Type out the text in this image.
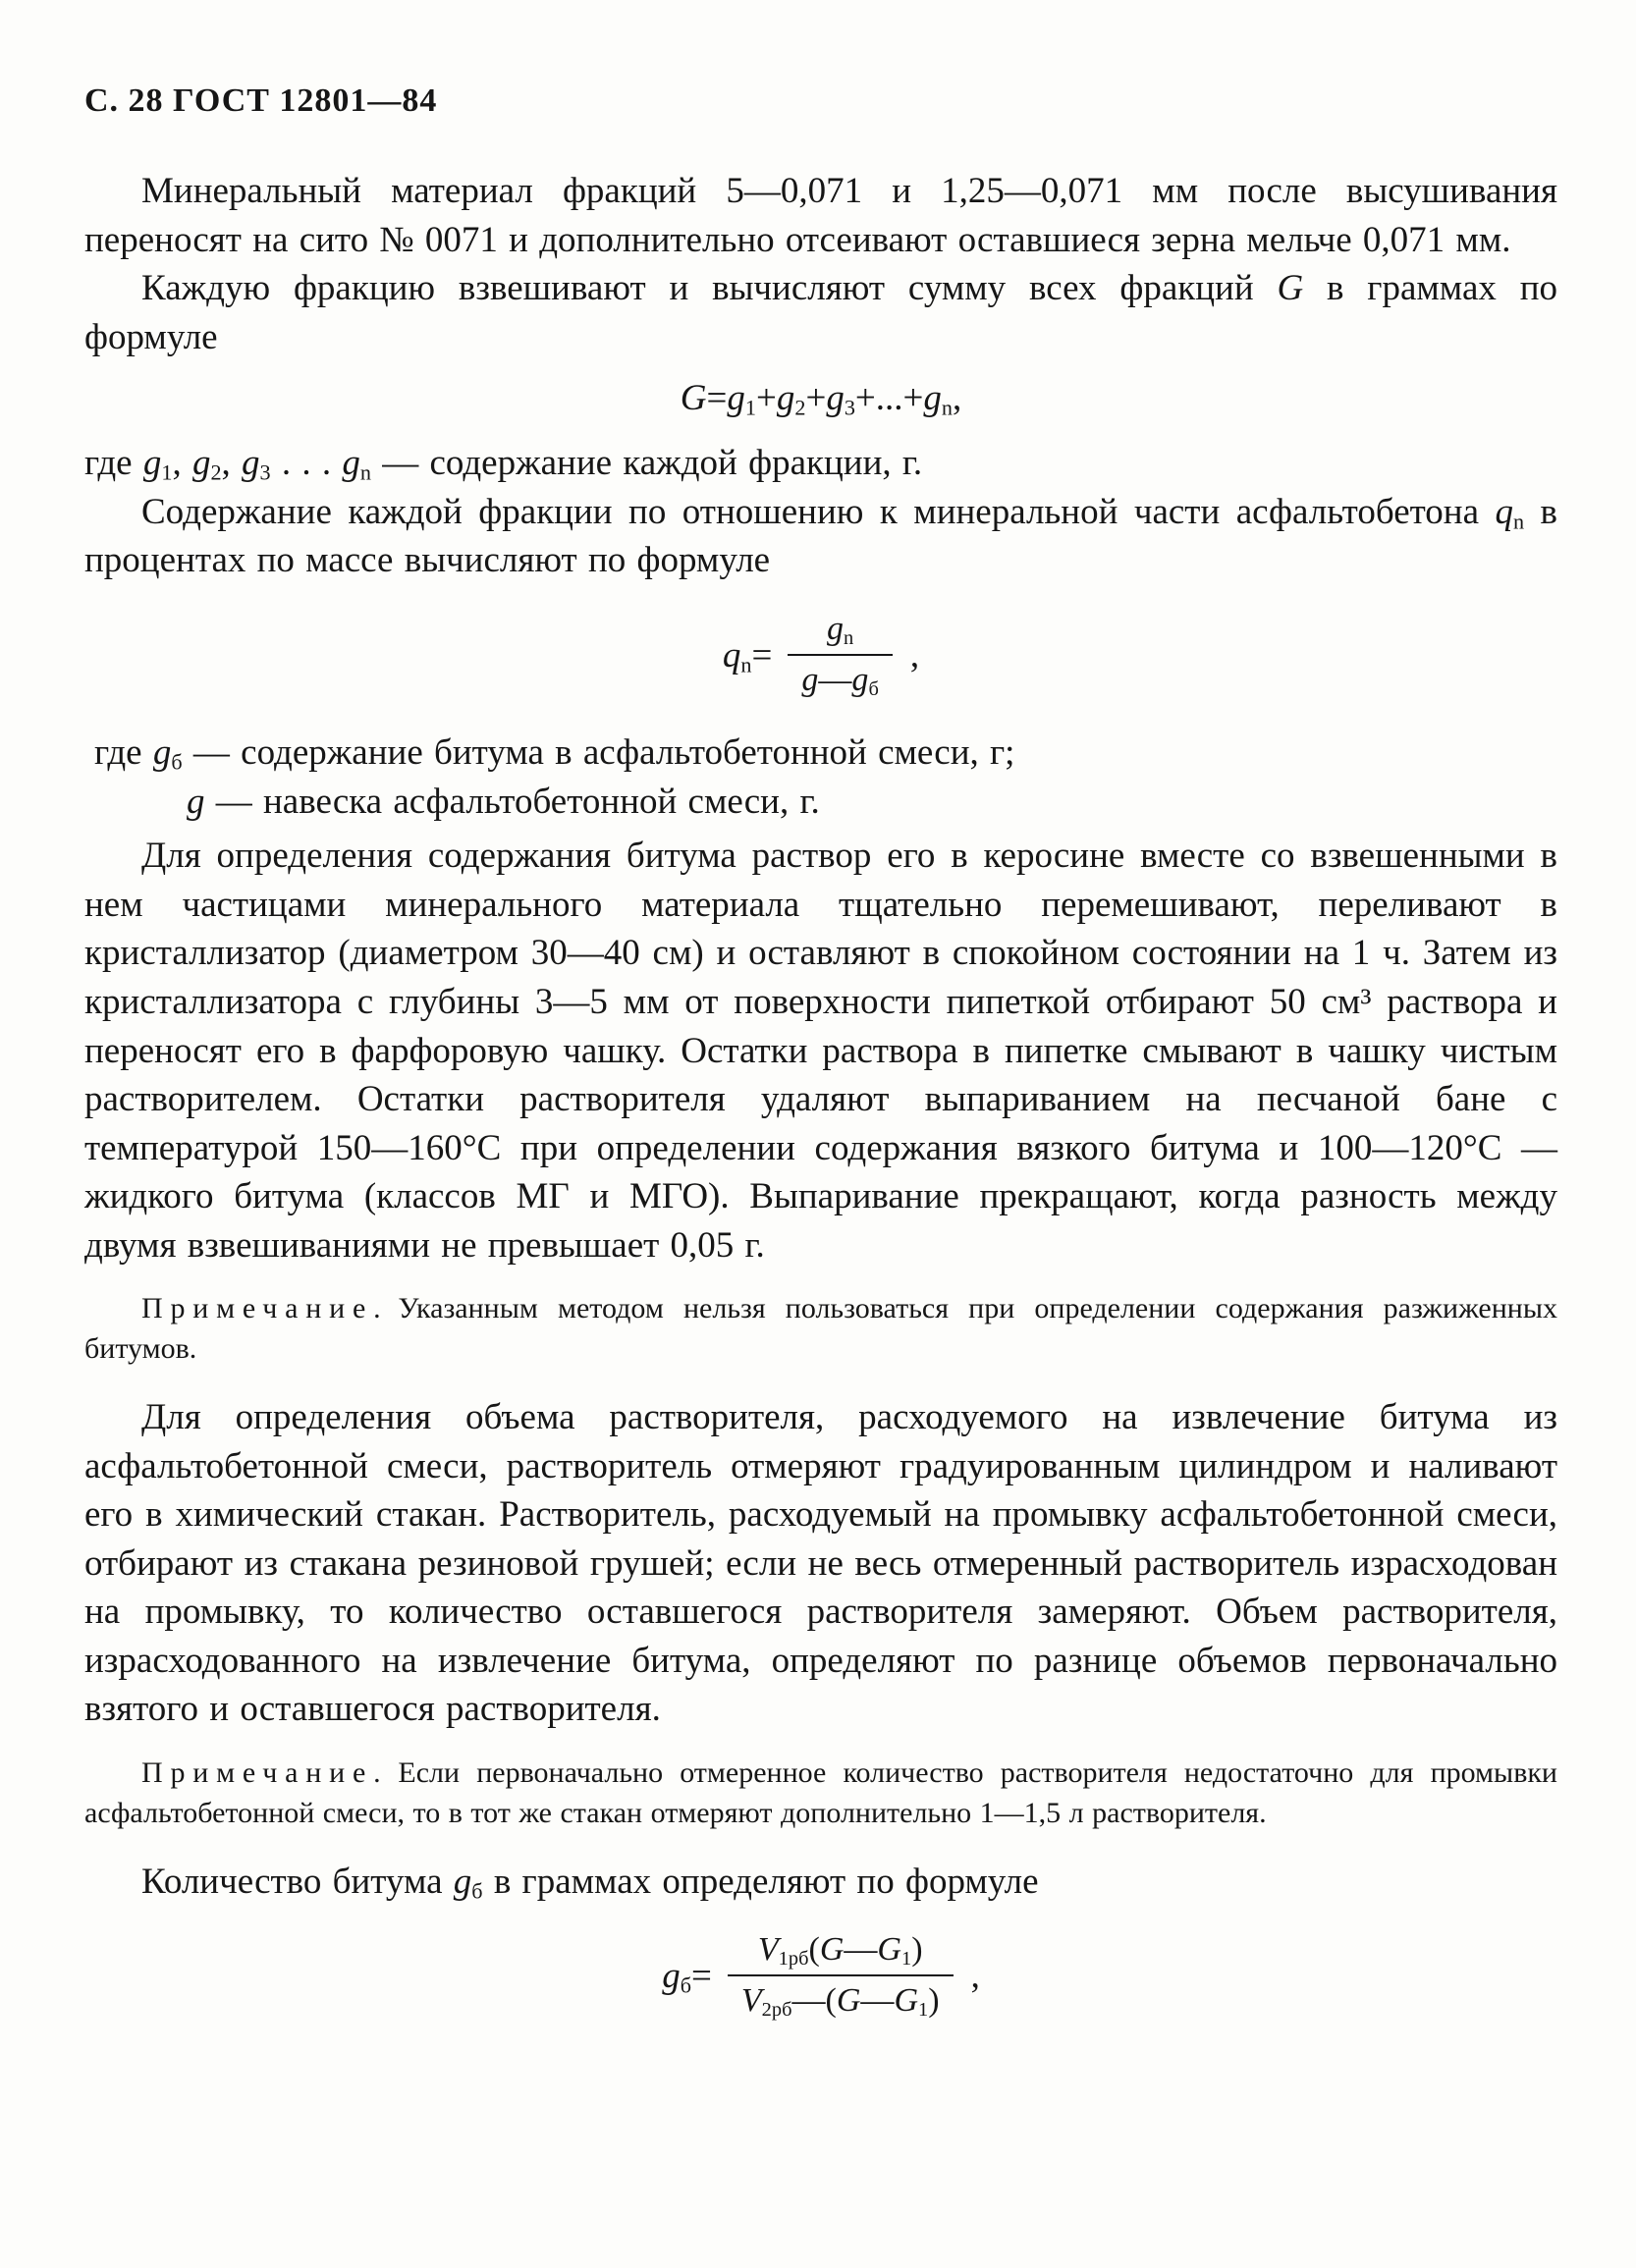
С. 28 ГОСТ 12801—84

Минеральный материал фракций 5—0,071 и 1,25—0,071 мм после высушивания переносят на сито № 0071 и дополнительно отсеивают оставшиеся зерна мельче 0,071 мм.

Каждую фракцию взвешивают и вычисляют сумму всех фракций G в граммах по формуле

$G=g_1+g_2+g_3+...+g_n$,

где $g_1$, $g_2$, $g_3$ . . . $g_n$ — содержание каждой фракции, г.

Содержание каждой фракции по отношению к минеральной части асфальтобетона $q_n$ в процентах по массе вычисляют по формуле

$q_n= \frac{g_n}{g—g_б}$ ,

где $g_б$ — содержание битума в асфальтобетонной смеси, г;

g — навеска асфальтобетонной смеси, г.

Для определения содержания битума раствор его в керосине вместе со взвешенными в нем частицами минерального материала тщательно перемешивают, переливают в кристаллизатор (диаметром 30—40 см) и оставляют в спокойном состоянии на 1 ч. Затем из кристаллизатора с глубины 3—5 мм от поверхности пипеткой отбирают 50 см³ раствора и переносят его в фарфоровую чашку. Остатки раствора в пипетке смывают в чашку чистым растворителем. Остатки растворителя удаляют выпариванием на песчаной бане с температурой 150—160°С при определении содержания вязкого битума и 100—120°С — жидкого битума (классов МГ и МГО). Выпаривание прекращают, когда разность между двумя взвешиваниями не превышает 0,05 г.

Примечание. Указанным методом нельзя пользоваться при определении содержания разжиженных битумов.

Для определения объема растворителя, расходуемого на извлечение битума из асфальтобетонной смеси, растворитель отмеряют градуированным цилиндром и наливают его в химический стакан. Растворитель, расходуемый на промывку асфальтобетонной смеси, отбирают из стакана резиновой грушей; если не весь отмеренный растворитель израсходован на промывку, то количество оставшегося растворителя замеряют. Объем растворителя, израсходованного на извлечение битума, определяют по разнице объемов первоначально взятого и оставшегося растворителя.

Примечание. Если первоначально отмеренное количество растворителя недостаточно для промывки асфальтобетонной смеси, то в тот же стакан отмеряют дополнительно 1—1,5 л растворителя.

Количество битума $g_б$ в граммах определяют по формуле

$g_б= \frac{V_{1рб}(G—G_1)}{V_{2рб}—(G—G_1)}$ ,
